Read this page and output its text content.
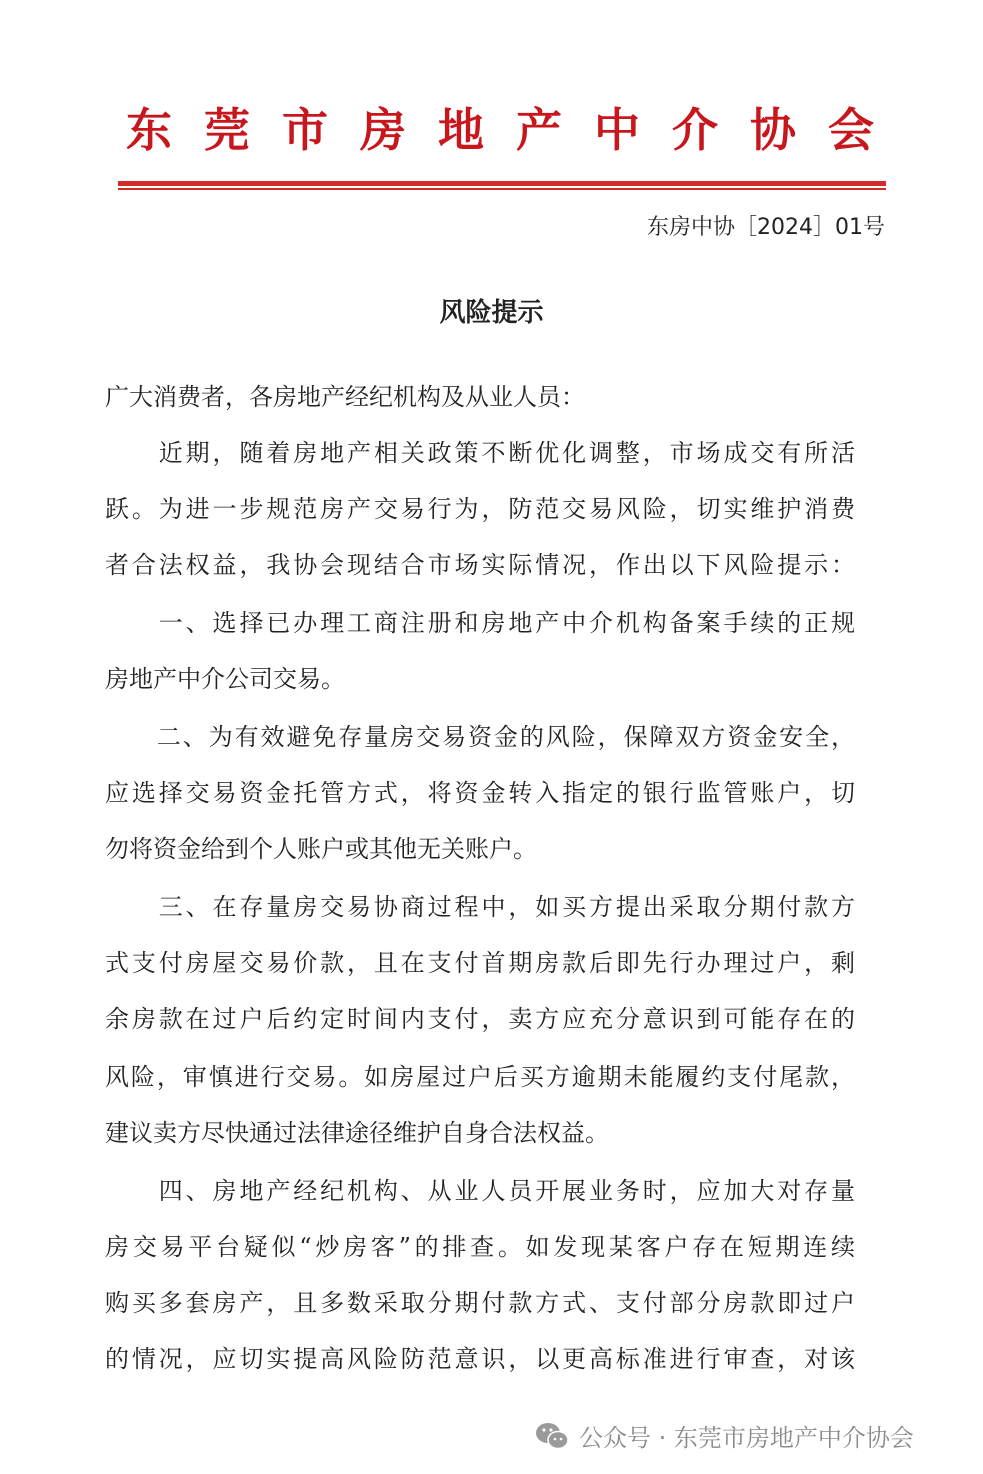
东莞市房地产中介协会
东房中协［2024］01号
风险提示
广大消费者，各房地产经纪机构及从业人员：
　　近期，随着房地产相关政策不断优化调整，市场成交有所活
跃。为进一步规范房产交易行为，防范交易风险，切实维护消费
者合法权益，我协会现结合市场实际情况，作出以下风险提示：
　　一、选择已办理工商注册和房地产中介机构备案手续的正规
房地产中介公司交易。
　　二、为有效避免存量房交易资金的风险，保障双方资金安全，
应选择交易资金托管方式，将资金转入指定的银行监管账户，切
勿将资金给到个人账户或其他无关账户。
　　三、在存量房交易协商过程中，如买方提出采取分期付款方
式支付房屋交易价款，且在支付首期房款后即先行办理过户，剩
余房款在过户后约定时间内支付，卖方应充分意识到可能存在的
风险，审慎进行交易。如房屋过户后买方逾期未能履约支付尾款，
建议卖方尽快通过法律途径维护自身合法权益。
　　四、房地产经纪机构、从业人员开展业务时，应加大对存量
房交易平台疑似“炒房客”的排查。如发现某客户存在短期连续
购买多套房产，且多数采取分期付款方式、支付部分房款即过户
的情况，应切实提高风险防范意识，以更高标准进行审查，对该
公众号 · 东莞市房地产中介协会
